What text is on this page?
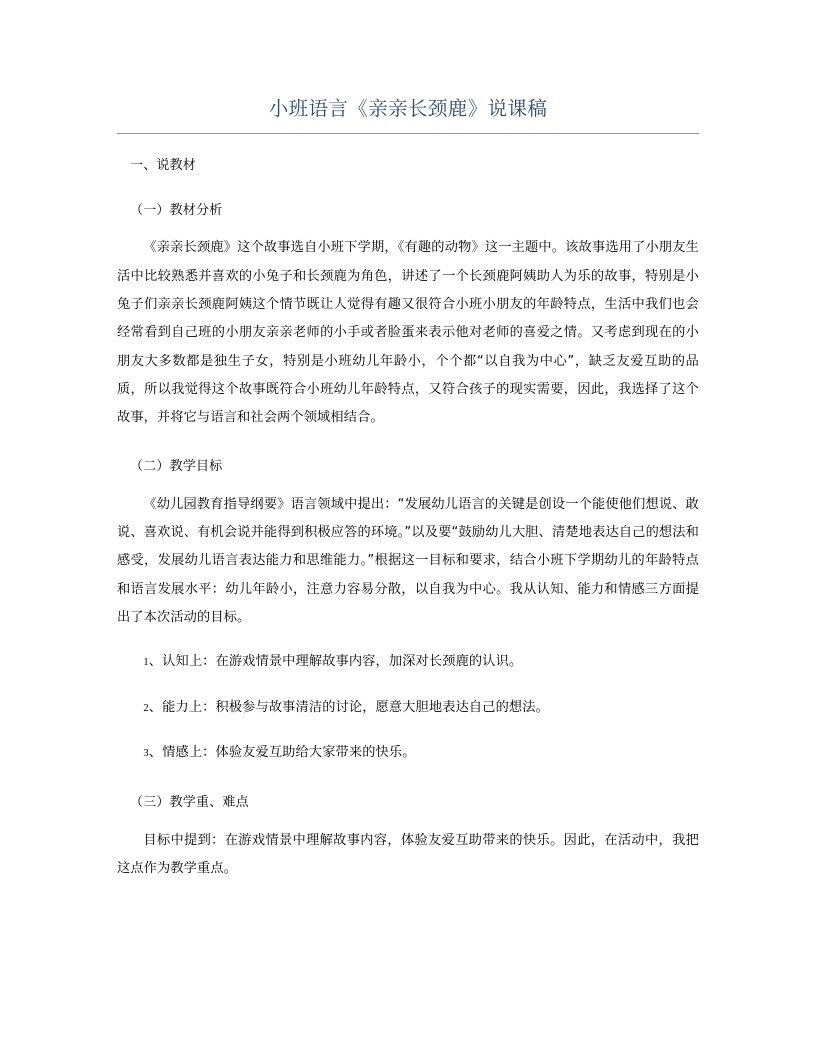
小班语言《亲亲长颈鹿》说课稿

一、说教材

（一）教材分析

《亲亲长颈鹿》这个故事选自小班下学期，《有趣的动物》这一主题中。该故事选用了小朋友生活中比较熟悉并喜欢的小兔子和长颈鹿为角色，讲述了一个长颈鹿阿姨助人为乐的故事，特别是小兔子们亲亲长颈鹿阿姨这个情节既让人觉得有趣又很符合小班小朋友的年龄特点，生活中我们也会经常看到自己班的小朋友亲亲老师的小手或者脸蛋来表示他对老师的喜爱之情。又考虑到现在的小朋友大多数都是独生子女，特别是小班幼儿年龄小，个个都“以自我为中心”，缺乏友爱互助的品质，所以我觉得这个故事既符合小班幼儿年龄特点，又符合孩子的现实需要，因此，我选择了这个故事，并将它与语言和社会两个领域相结合。

（二）教学目标

《幼儿园教育指导纲要》语言领域中提出：“发展幼儿语言的关键是创设一个能使他们想说、敢说、喜欢说、有机会说并能得到积极应答的环境。”以及要“鼓励幼儿大胆、清楚地表达自己的想法和感受，发展幼儿语言表达能力和思维能力。”根据这一目标和要求，结合小班下学期幼儿的年龄特点和语言发展水平：幼儿年龄小，注意力容易分散，以自我为中心。我从认知、能力和情感三方面提出了本次活动的目标。

1、认知上：在游戏情景中理解故事内容，加深对长颈鹿的认识。

2、能力上：积极参与故事清洁的讨论，愿意大胆地表达自己的想法。

3、情感上：体验友爱互助给大家带来的快乐。

（三）教学重、难点

目标中提到：在游戏情景中理解故事内容，体验友爱互助带来的快乐。因此，在活动中，我把这点作为教学重点。
